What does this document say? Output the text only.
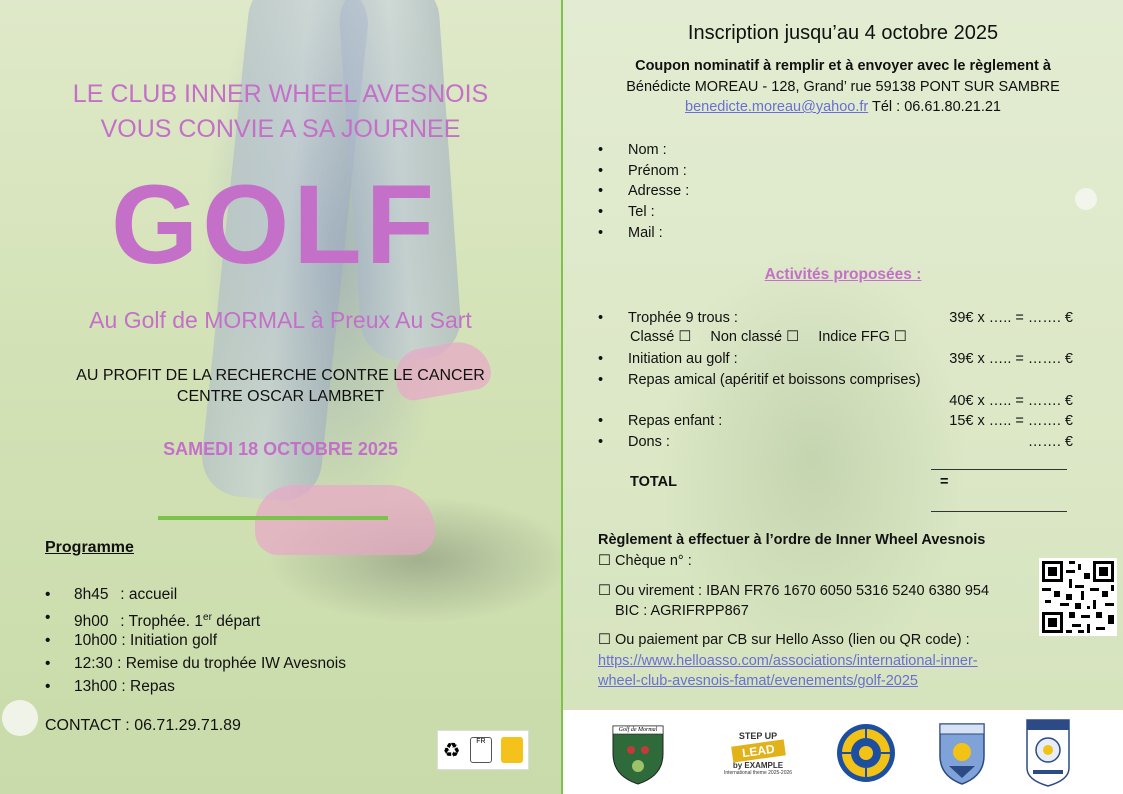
LE CLUB INNER WHEEL AVESNOIS
VOUS CONVIE A SA JOURNEE
GOLF
Au Golf de MORMAL à Preux Au Sart
AU PROFIT DE LA RECHERCHE CONTRE LE CANCER
CENTRE OSCAR LAMBRET
SAMEDI 18 OCTOBRE 2025
Programme
• 8h45 : accueil
• 9h00 : Trophée. 1er départ
• 10h00 : Initiation golf
• 12:30 : Remise du trophée IW Avesnois
• 13h00 : Repas
CONTACT : 06.71.29.71.89
♻	FR
Inscription jusqu’au 4 octobre 2025
Coupon nominatif à remplir et à envoyer avec le règlement à
Bénédicte MOREAU - 128, Grand’ rue 59138 PONT SUR SAMBRE
benedicte.moreau@yahoo.fr Tél : 06.61.80.21.21
• Nom :
• Prénom :
• Adresse :
• Tel :
• Mail :
Activités proposées :
• Trophée 9 trous :	39€ x ….. = ……. €
Classé ☐ Non classé ☐ Indice FFG ☐
• Initiation au golf :	39€ x ….. = ……. €
• Repas amical (apéritif et boissons comprises)
40€ x ….. = ……. €
• Repas enfant :	15€ x ….. = ……. €
• Dons :	……. €
TOTAL	=
Règlement à effectuer à l’ordre de Inner Wheel Avesnois
☐ Chèque n° :
☐ Ou virement : IBAN FR76 1670 6050 5316 5240 6380 954
BIC : AGRIFRPP867
☐ Ou paiement par CB sur Hello Asso (lien ou QR code) :
https://www.helloasso.com/associations/international-inner-
wheel-club-avesnois-famat/evenements/golf-2025
Golf de Mormal
STEP UP
LEAD
by EXAMPLE
International theme 2025-2026
